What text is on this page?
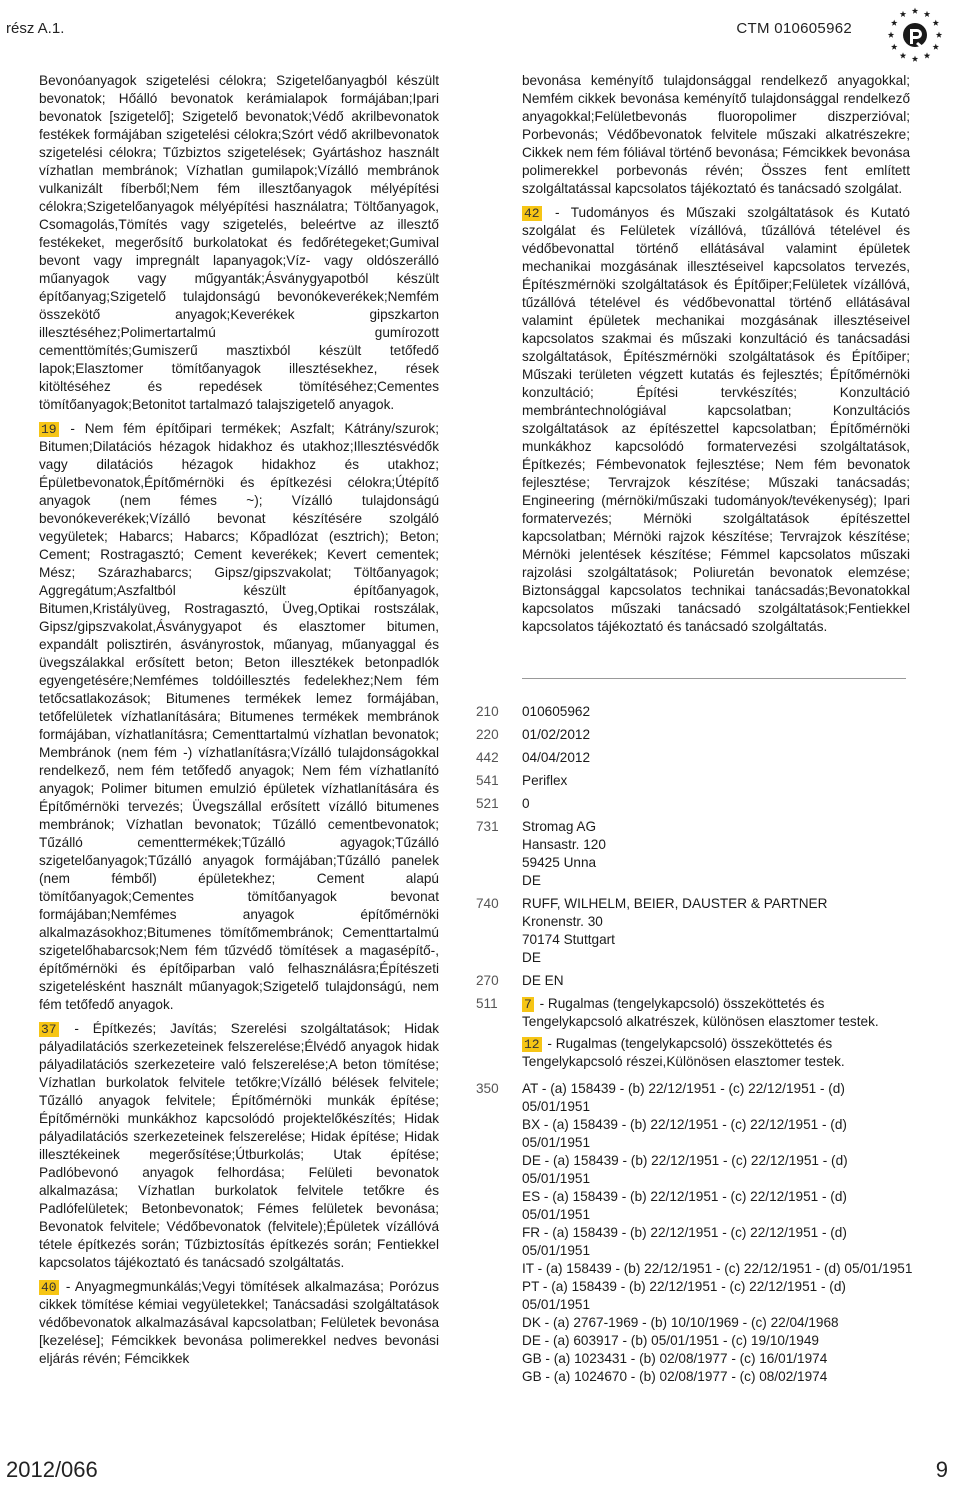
rész A.1.	CTM 010605962

Bevonóanyagok szigetelési célokra; Szigetelőanyagból készült bevonatok; Hőálló bevonatok kerámialapok formájában;Ipari bevonatok [szigetelő]; Szigetelő bevonatok;Védő akrilbevonatok festékek formájában szigetelési célokra;Szórt védő akrilbevonatok szigetelési célokra; Tűzbiztos szigetelések; Gyártáshoz használt vízhatlan membránok; Vízhatlan gumilapok;Vízálló membránok vulkanizált fíberből;Nem fém illesztőanyagok mélyépítési célokra;Szigetelőanyagok mélyépítési használatra; Töltőanyagok, Csomagolás,Tömítés vagy szigetelés, beleértve az illesztő festékeket, megerősítő burkolatokat és fedőrétegeket;Gumival bevont vagy impregnált lapanyagok;Víz- vagy oldószerálló műanyagok vagy műgyanták;Ásványgyapotból készült építőanyag;Szigetelő tulajdonságú bevonókeverékek;Nemfém összekötő anyagok;Keverékek gipszkarton illesztéséhez;Polimertartalmú gumírozott cementtömítés;Gumiszerű masztixból készült tetőfedő lapok;Elasztomer tömítőanyagok illesztésekhez, rések kitöltéséhez és repedések tömítéséhez;Cementes tömítőanyagok;Betonitot tartalmazó talajszigetelő anyagok.

19 - Nem fém építőipari termékek; Aszfalt; Kátrány/szurok; Bitumen;Dilatációs hézagok hidakhoz és utakhoz;Illesztésvédők vagy dilatációs hézagok hidakhoz és utakhoz; Épületbevonatok,Építőmérnöki és építkezési célokra;Útépítő anyagok (nem fémes ~); Vízálló tulajdonságú bevonókeverékek;Vízálló bevonat készítésére szolgáló vegyületek; Habarcs; Habarcs; Kőpadlózat (esztrich); Beton; Cement; Rostragasztó; Cement keverékek; Kevert cementek; Mész; Szárazhabarcs; Gipsz/gipszvakolat; Töltőanyagok; Aggregátum;Aszfaltból készült építőanyagok, Bitumen,Kristályüveg, Rostragasztó, Üveg,Optikai rostszálak, Gipsz/gipszvakolat,Ásványgyapot és elasztomer bitumen, expandált polisztirén, ásványrostok, műanyag, műanyaggal és üvegszálakkal erősített beton; Beton illesztékek betonpadlók egyengetésére;Nemfémes toldóillesztés fedelekhez;Nem fém tetőcsatlakozások; Bitumenes termékek lemez formájában, tetőfelületek vízhatlanítására; Bitumenes termékek membránok formájában, vízhatlanításra; Cementtartalmú vízhatlan bevonatok; Membránok (nem fém -) vízhatlanításra;Vízálló tulajdonságokkal rendelkező, nem fém tetőfedő anyagok; Nem fém vízhatlanító anyagok; Polimer bitumen emulzió épületek vízhatlanítására és Építőmérnöki tervezés; Üvegszállal erősített vízálló bitumenes membránok; Vízhatlan bevonatok; Tűzálló cementbevonatok; Tűzálló cementtermékek;Tűzálló agyagok;Tűzálló szigetelőanyagok;Tűzálló anyagok formájában;Tűzálló panelek (nem fémből) épületekhez; Cement alapú tömítőanyagok;Cementes tömítőanyagok bevonat formájában;Nemfémes anyagok építőmérnöki alkalmazásokhoz;Bitumenes tömítőmembránok; Cementtartalmú szigetelőhabarcsok;Nem fém tűzvédő tömítések a magasépítő-, építőmérnöki és építőiparban való felhasználásra;Építészeti szigetelésként használt műanyagok;Szigetelő tulajdonságú, nem fém tetőfedő anyagok.

37 - Építkezés; Javítás; Szerelési szolgáltatások; Hidak pályadilatációs szerkezeteinek felszerelése;Élvédő anyagok hidak pályadilatációs szerkezeteire való felszerelése;A beton tömítése; Vízhatlan burkolatok felvitele tetőkre;Vízálló bélések felvitele; Tűzálló anyagok felvitele; Építőmérnöki munkák építése; Építőmérnöki munkákhoz kapcsolódó projektelőkészítés; Hidak pályadilatációs szerkezeteinek felszerelése; Hidak építése; Hidak illesztékeinek megerősítése;Útburkolás; Utak építése; Padlóbevonó anyagok felhordása; Felületi bevonatok alkalmazása; Vízhatlan burkolatok felvitele tetőkre és Padlófelületek; Betonbevonatok; Fémes felületek bevonása; Bevonatok felvitele; Védőbevonatok (felvitele);Épületek vízállóvá tétele építkezés során; Tűzbiztosítás építkezés során; Fentiekkel kapcsolatos tájékoztató és tanácsadó szolgáltatás.

40 - Anyagmegmunkálás;Vegyi tömítések alkalmazása; Porózus cikkek tömítése kémiai vegyületekkel; Tanácsadási szolgáltatások védőbevonatok alkalmazásával kapcsolatban; Felületek bevonása [kezelése]; Fémcikkek bevonása polimerekkel nedves bevonási eljárás révén; Fémcikkek

bevonása keményítő tulajdonsággal rendelkező anyagokkal; Nemfém cikkek bevonása keményítő tulajdonsággal rendelkező anyagokkal;Felületbevonás fluoropolimer diszperzióval; Porbevonás; Védőbevonatok felvitele műszaki alkatrészekre; Cikkek nem fém fóliával történő bevonása; Fémcikkek bevonása polimerekkel porbevonás révén; Összes fent említett szolgáltatással kapcsolatos tájékoztató és tanácsadó szolgálat.

42 - Tudományos és Műszaki szolgáltatások és Kutató szolgálat és Felületek vízállóvá, tűzállóvá tételével és védőbevonattal történő ellátásával valamint épületek mechanikai mozgásának illesztéseivel kapcsolatos tervezés, Építészmérnöki szolgáltatások és Építőiper;Felületek vízállóvá, tűzállóvá tételével és védőbevonattal történő ellátásával valamint épületek mechanikai mozgásának illesztéseivel kapcsolatos szakmai és műszaki konzultáció és tanácsadási szolgáltatások, Építészmérnöki szolgáltatások és Építőiper; Műszaki területen végzett kutatás és fejlesztés; Építőmérnöki konzultáció; Építési tervkészítés; Konzultáció membrántechnológiával kapcsolatban; Konzultációs szolgáltatások az építészettel kapcsolatban; Építőmérnöki munkákhoz kapcsolódó formatervezési szolgáltatások, Építkezés; Fémbevonatok fejlesztése; Nem fém bevonatok fejlesztése; Tervrajzok készítése; Műszaki tanácsadás; Engineering (mérnöki/műszaki tudományok/tevékenység); Ipari formatervezés; Mérnöki szolgáltatások építészettel kapcsolatban; Mérnöki rajzok készítése; Tervrajzok készítése; Mérnöki jelentések készítése; Fémmel kapcsolatos műszaki rajzolási szolgáltatások; Poliuretán bevonatok elemzése; Biztonsággal kapcsolatos technikai tanácsadás;Bevonatokkal kapcsolatos műszaki tanácsadó szolgáltatások;Fentiekkel kapcsolatos tájékoztató és tanácsadó szolgáltatás.

210	010605962
220	01/02/2012
442	04/04/2012
541	Periflex
521	0
731	Stromag AG
Hansastr. 120
59425 Unna
DE
740	RUFF, WILHELM, BEIER, DAUSTER & PARTNER
Kronenstr. 30
70174 Stuttgart
DE
270	DE EN
511	7 - Rugalmas (tengelykapcsoló) összeköttetés és Tengelykapcsoló alkatrészek, különösen elasztomer testek.
12 - Rugalmas (tengelykapcsoló) összeköttetés és Tengelykapcsoló részei,Különösen elasztomer testek.
350	AT - (a) 158439 - (b) 22/12/1951 - (c) 22/12/1951 - (d) 05/01/1951
BX - (a) 158439 - (b) 22/12/1951 - (c) 22/12/1951 - (d) 05/01/1951
DE - (a) 158439 - (b) 22/12/1951 - (c) 22/12/1951 - (d) 05/01/1951
ES - (a) 158439 - (b) 22/12/1951 - (c) 22/12/1951 - (d) 05/01/1951
FR - (a) 158439 - (b) 22/12/1951 - (c) 22/12/1951 - (d) 05/01/1951
IT - (a) 158439 - (b) 22/12/1951 - (c) 22/12/1951 - (d) 05/01/1951
PT - (a) 158439 - (b) 22/12/1951 - (c) 22/12/1951 - (d) 05/01/1951
DK - (a) 2767-1969 - (b) 10/10/1969 - (c) 22/04/1968
DE - (a) 603917 - (b) 05/01/1951 - (c) 19/10/1949
GB - (a) 1023431 - (b) 02/08/1977 - (c) 16/01/1974
GB - (a) 1024670 - (b) 02/08/1977 - (c) 08/02/1974
2012/066	9
